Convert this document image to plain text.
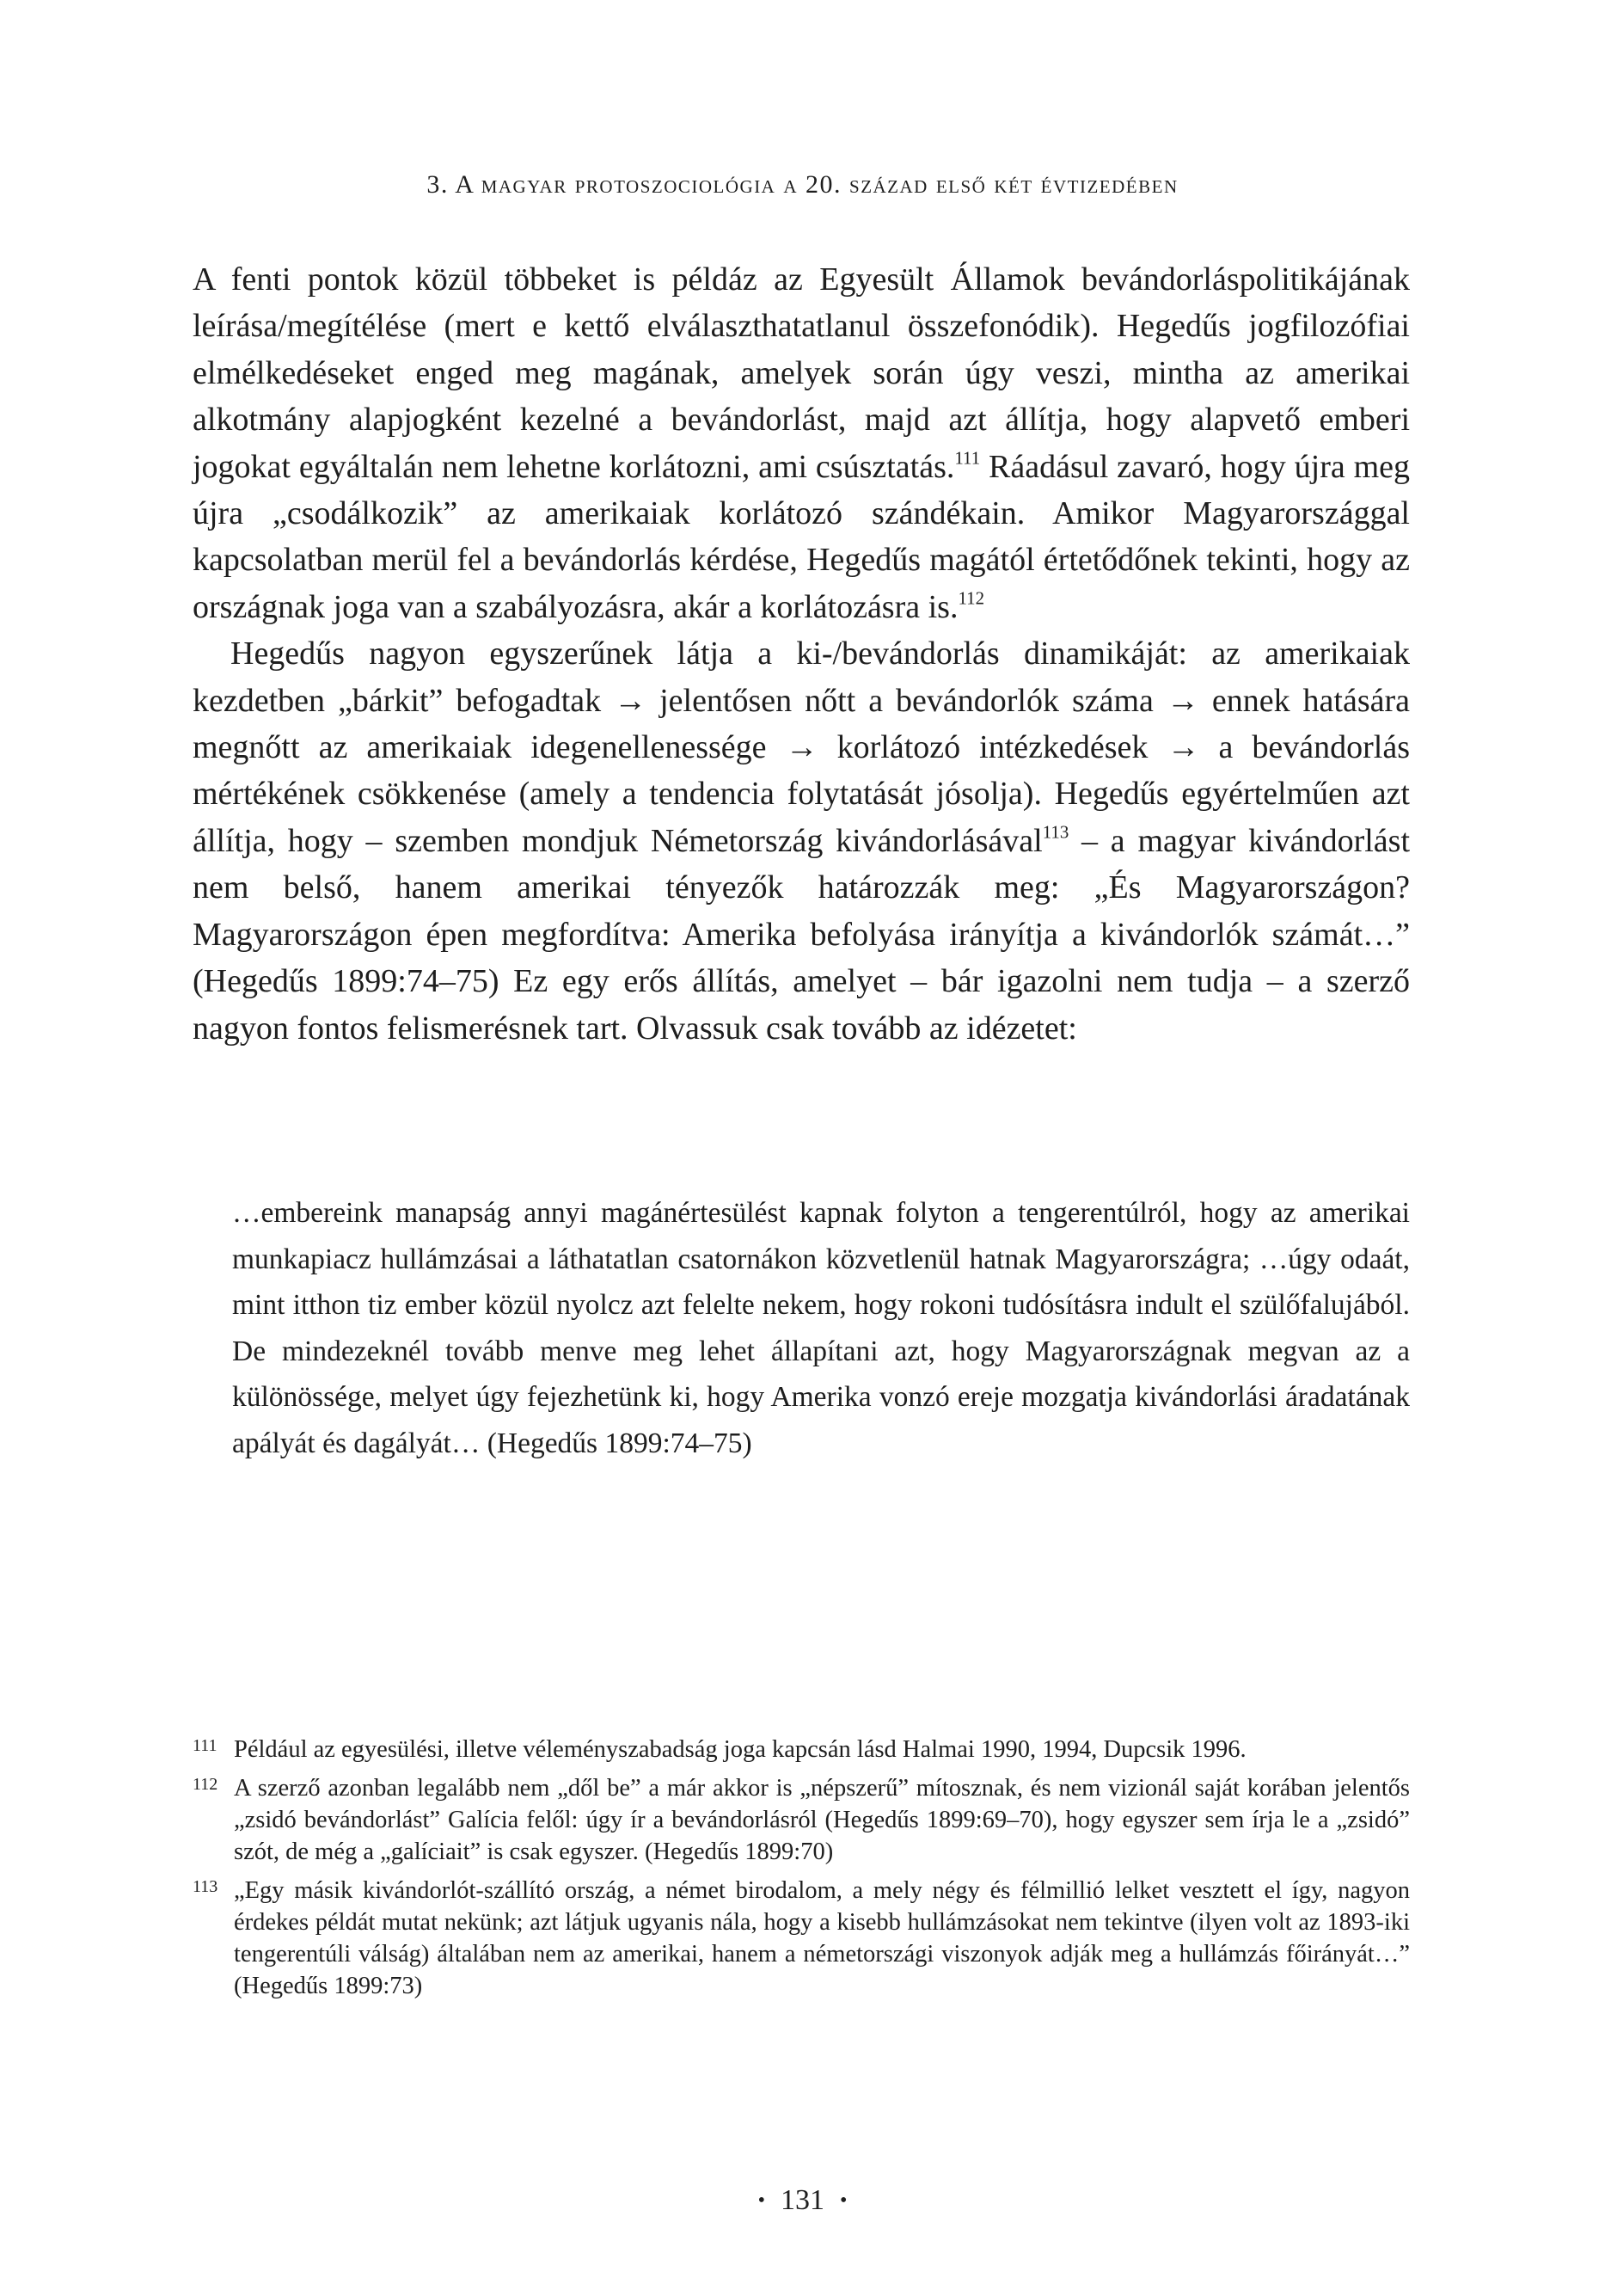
3. A magyar protoszociológia a 20. század első két évtizedében

A fenti pontok közül többeket is példáz az Egyesült Államok bevándorláspolitikájának leírása/megítélése (mert e kettő elválaszthatatlanul összefonódik). Hegedűs jogfilozófiai elmélkedéseket enged meg magának, amelyek során úgy veszi, mintha az amerikai alkotmány alapjogként kezelné a bevándorlást, majd azt állítja, hogy alapvető emberi jogokat egyáltalán nem lehetne korlátozni, ami csúsztatás.$^{111}$ Ráadásul zavaró, hogy újra meg újra „csodálkozik” az amerikaiak korlátozó szándékain. Amikor Magyarországgal kapcsolatban merül fel a bevándorlás kérdése, Hegedűs magától értetődőnek tekinti, hogy az országnak joga van a szabályozásra, akár a korlátozásra is.$^{112}$

Hegedűs nagyon egyszerűnek látja a ki-/bevándorlás dinamikáját: az amerikaiak kezdetben „bárkit” befogadtak → jelentősen nőtt a bevándorlók száma → ennek hatására megnőtt az amerikaiak idegenellenessége → korlátozó intézkedések → a bevándorlás mértékének csökkenése (amely a tendencia folytatását jósolja). Hegedűs egyértelműen azt állítja, hogy – szemben mondjuk Németország kivándorlásával$^{113}$ – a magyar kivándorlást nem belső, hanem amerikai tényezők határozzák meg: „És Magyarországon? Magyarországon épen megfordítva: Amerika befolyása irányítja a kivándorlók számát…” (Hegedűs 1899:74–75) Ez egy erős állítás, amelyet – bár igazolni nem tudja – a szerző nagyon fontos felismerésnek tart. Olvassuk csak tovább az idézetet:

…embereink manapság annyi magánértesülést kapnak folyton a tengerentúlról, hogy az amerikai munkapiacz hullámzásai a láthatatlan csatornákon közvetlenül hatnak Magyarországra; …úgy odaát, mint itthon tiz ember közül nyolcz azt felelte nekem, hogy rokoni tudósításra indult el szülőfalujából. De mindezeknél tovább menve meg lehet állapítani azt, hogy Magyarországnak megvan az a különössége, melyet úgy fejezhetünk ki, hogy Amerika vonzó ereje mozgatja kivándorlási áradatának apályát és dagályát… (Hegedűs 1899:74–75)
111 Például az egyesülési, illetve véleményszabadság joga kapcsán lásd Halmai 1990, 1994, Dupcsik 1996.
112 A szerző azonban legalább nem „dől be” a már akkor is „népszerű” mítosznak, és nem vizionál saját korában jelentős „zsidó bevándorlást” Galícia felől: úgy ír a bevándorlásról (Hegedűs 1899:69–70), hogy egyszer sem írja le a „zsidó” szót, de még a „galíciait” is csak egyszer. (Hegedűs 1899:70)
113 „Egy másik kivándorlót-szállító ország, a német birodalom, a mely négy és félmillió lelket vesztett el így, nagyon érdekes példát mutat nekünk; azt látjuk ugyanis nála, hogy a kisebb hullámzásokat nem tekintve (ilyen volt az 1893-iki tengerentúli válság) általában nem az amerikai, hanem a németországi viszonyok adják meg a hullámzás főirányát…” (Hegedűs 1899:73)
• 131 •
